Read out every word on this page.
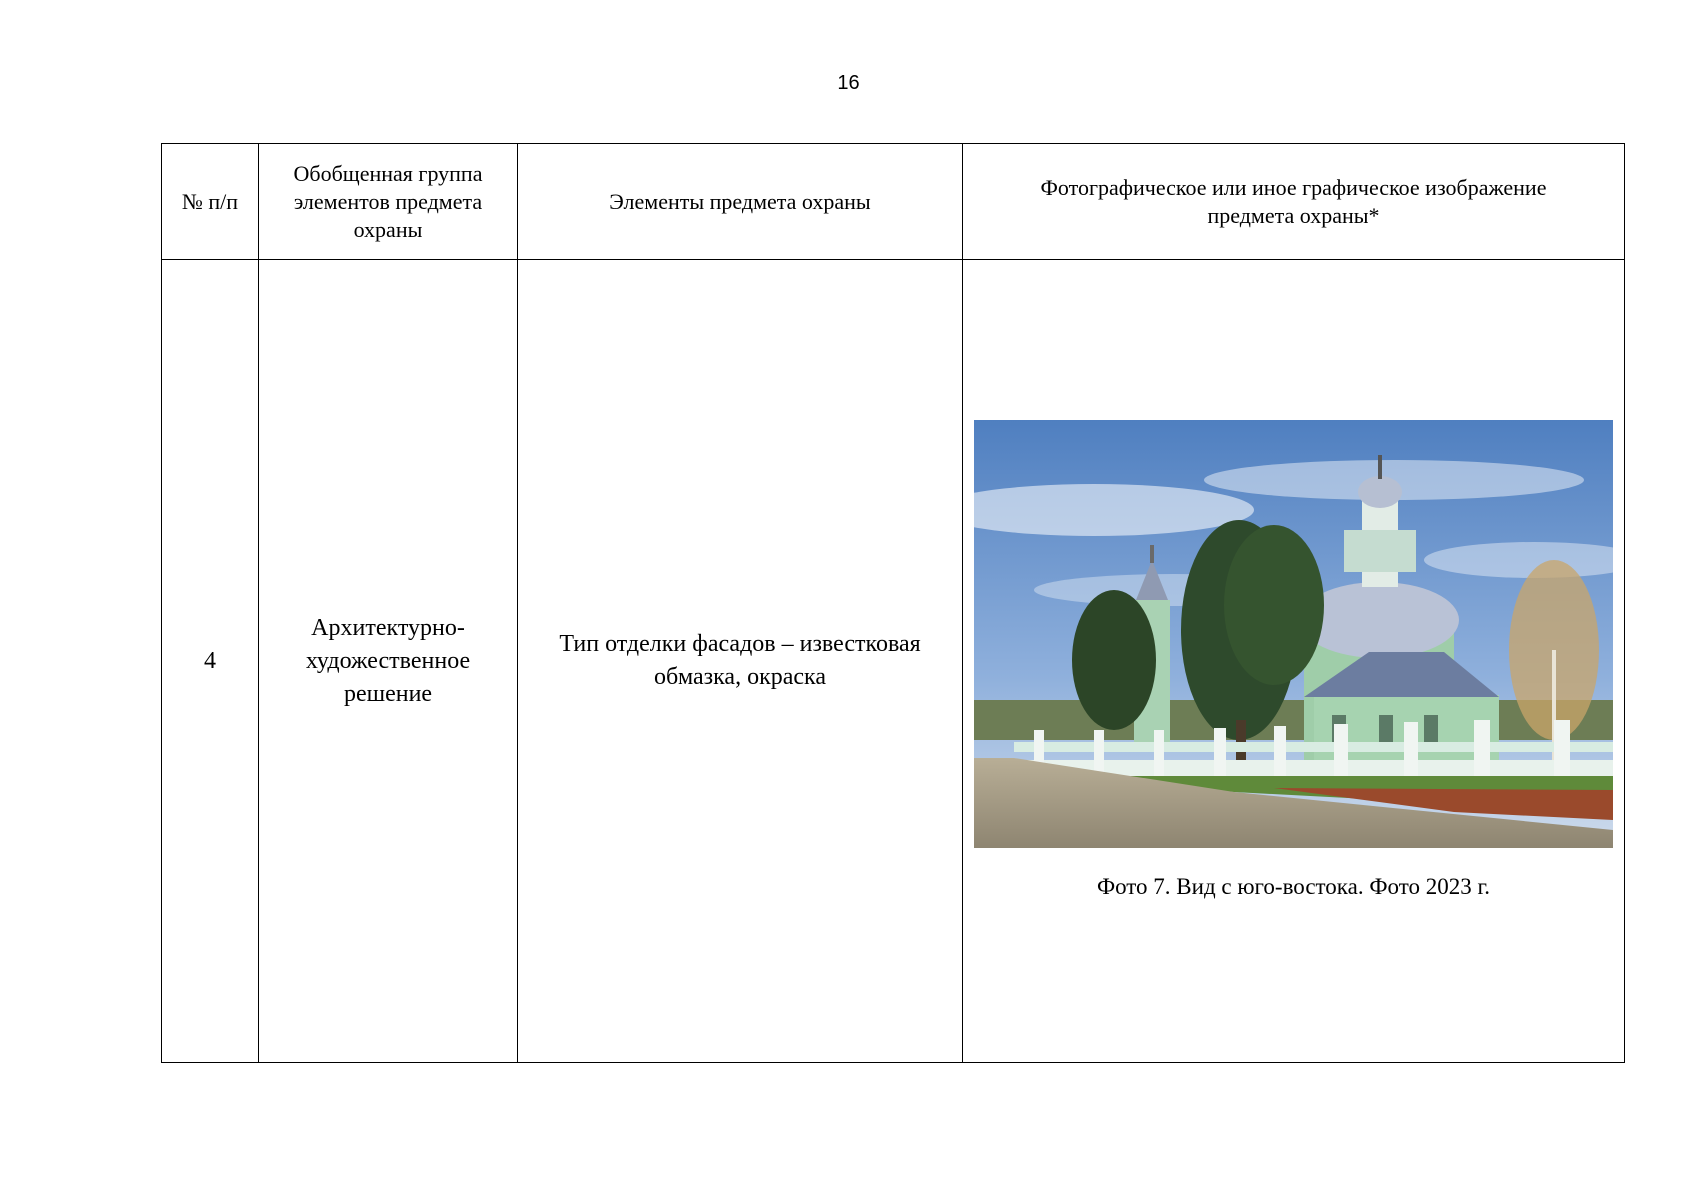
16
№ п/п	Обобщенная группа элементов предмета охраны	Элементы предмета охраны	Фотографическое или иное графическое изображение предмета охраны*
4	Архитектурно-художественное решение	Тип отделки фасадов – известковая обмазка, окраска	Фото 7. Вид с юго-востока. Фото 2023 г.
